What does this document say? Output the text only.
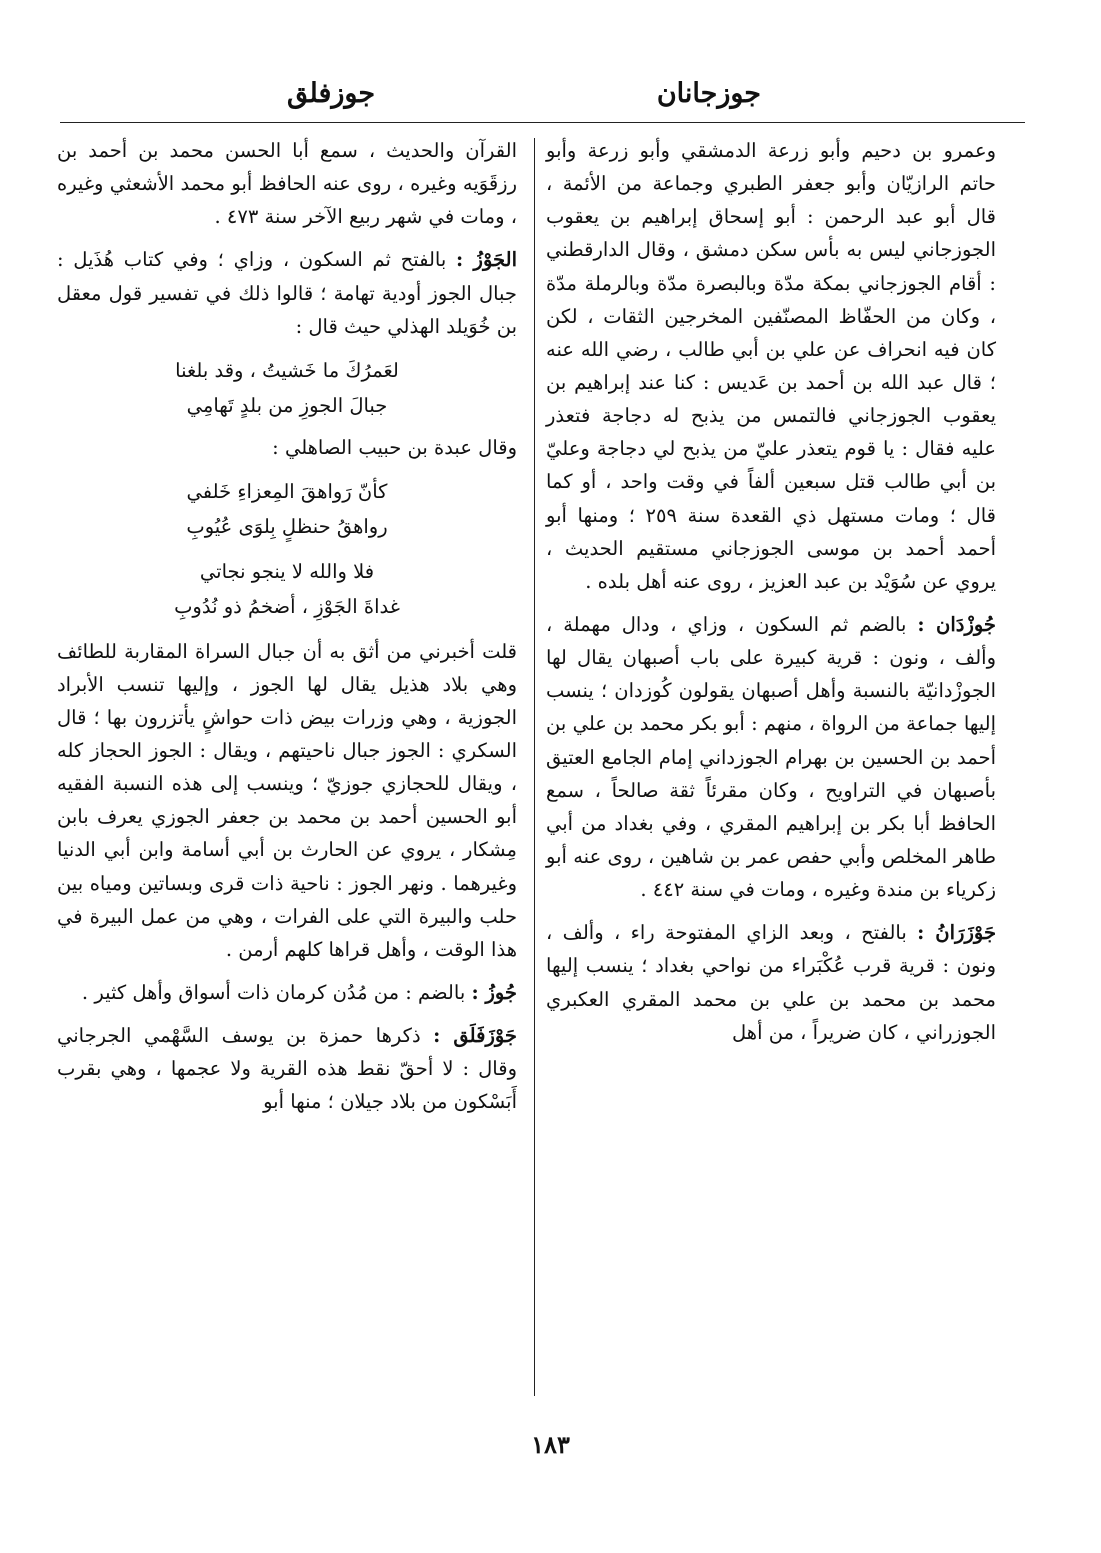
جوزجانان
جوزفلق

وعمرو بن دحيم وأبو زرعة الدمشقي وأبو زرعة وأبو حاتم الرازيّان وأبو جعفر الطبري وجماعة من الأئمة ، قال أبو عبد الرحمن : أبو إسحاق إبراهيم بن يعقوب الجوزجاني ليس به بأس سكن دمشق ، وقال الدارقطني : أقام الجوزجاني بمكة مدّة وبالبصرة مدّة وبالرملة مدّة ، وكان من الحفّاظ المصنّفين المخرجين الثقات ، لكن كان فيه انحراف عن علي بن أبي طالب ، رضي الله عنه ؛ قال عبد الله بن أحمد بن عَديس : كنا عند إبراهيم بن يعقوب الجوزجاني فالتمس من يذبح له دجاجة فتعذر عليه فقال : يا قوم يتعذر عليّ من يذبح لي دجاجة وعليّ بن أبي طالب قتل سبعين ألفاً في وقت واحد ، أو كما قال ؛ ومات مستهل ذي القعدة سنة ٢٥٩ ؛ ومنها أبو أحمد أحمد بن موسى الجوزجاني مستقيم الحديث ، يروي عن سُوَيْد بن عبد العزيز ، روى عنه أهل بلده .

جُوزْدَان : بالضم ثم السكون ، وزاي ، ودال مهملة ، وألف ، ونون : قرية كبيرة على باب أصبهان يقال لها الجوزْدانيّة بالنسبة وأهل أصبهان يقولون كُوزدان ؛ ينسب إليها جماعة من الرواة ، منهم : أبو بكر محمد بن علي بن أحمد بن الحسين بن بهرام الجوزداني إمام الجامع العتيق بأصبهان في التراويح ، وكان مقرئاً ثقة صالحاً ، سمع الحافظ أبا بكر بن إبراهيم المقري ، وفي بغداد من أبي طاهر المخلص وأبي حفص عمر بن شاهين ، روى عنه أبو زكرياء بن مندة وغيره ، ومات في سنة ٤٤٢ .

جَوْزَرَانُ : بالفتح ، وبعد الزاي المفتوحة راء ، وألف ، ونون : قرية قرب عُكْبَراء من نواحي بغداد ؛ ينسب إليها محمد بن محمد بن علي بن محمد المقري العكبري الجوزراني ، كان ضريراً ، من أهل

القرآن والحديث ، سمع أبا الحسن محمد بن أحمد بن رزقَوَيه وغيره ، روى عنه الحافظ أبو محمد الأشعثي وغيره ، ومات في شهر ربيع الآخر سنة ٤٧٣ .

الجَوْزُ : بالفتح ثم السكون ، وزاي ؛ وفي كتاب هُذَيل : جبال الجوز أودية تهامة ؛ قالوا ذلك في تفسير قول معقل بن خُوَيلد الهذلي حيث قال :

لعَمرُكَ ما خَشيتُ ، وقد بلغنا
جبالَ الجوزِ من بلدٍ تَهامِي

وقال عبدة بن حبيب الصاهلي :

كأنّ رَواهقَ المِعزاءِ خَلفي
رواهقُ حنظلٍ بِلوَى عُيُوبِ
فلا والله لا ينجو نجاتي
غداةَ الجَوْزِ ، أضخمُ ذو نُدُوبِ

قلت أخبرني من أثق به أن جبال السراة المقاربة للطائف وهي بلاد هذيل يقال لها الجوز ، وإليها تنسب الأبراد الجوزية ، وهي وزرات بيض ذات حواشٍ يأتزرون بها ؛ قال السكري : الجوز جبال ناحيتهم ، ويقال : الجوز الحجاز كله ، ويقال للحجازي جوزيّ ؛ وينسب إلى هذه النسبة الفقيه أبو الحسين أحمد بن محمد بن جعفر الجوزي يعرف بابن مِشكار ، يروي عن الحارث بن أبي أسامة وابن أبي الدنيا وغيرهما . ونهر الجوز : ناحية ذات قرى وبساتين ومياه بين حلب والبيرة التي على الفرات ، وهي من عمل البيرة في هذا الوقت ، وأهل قراها كلهم أرمن .

جُوزُ : بالضم : من مُدُن كرمان ذات أسواق وأهل كثير .

جَوْزَفَلَق : ذكرها حمزة بن يوسف السَّهْمي الجرجاني وقال : لا أحقّ نقط هذه القرية ولا عجمها ، وهي بقرب أَبَسْكون من بلاد جيلان ؛ منها أبو

١٨٣
